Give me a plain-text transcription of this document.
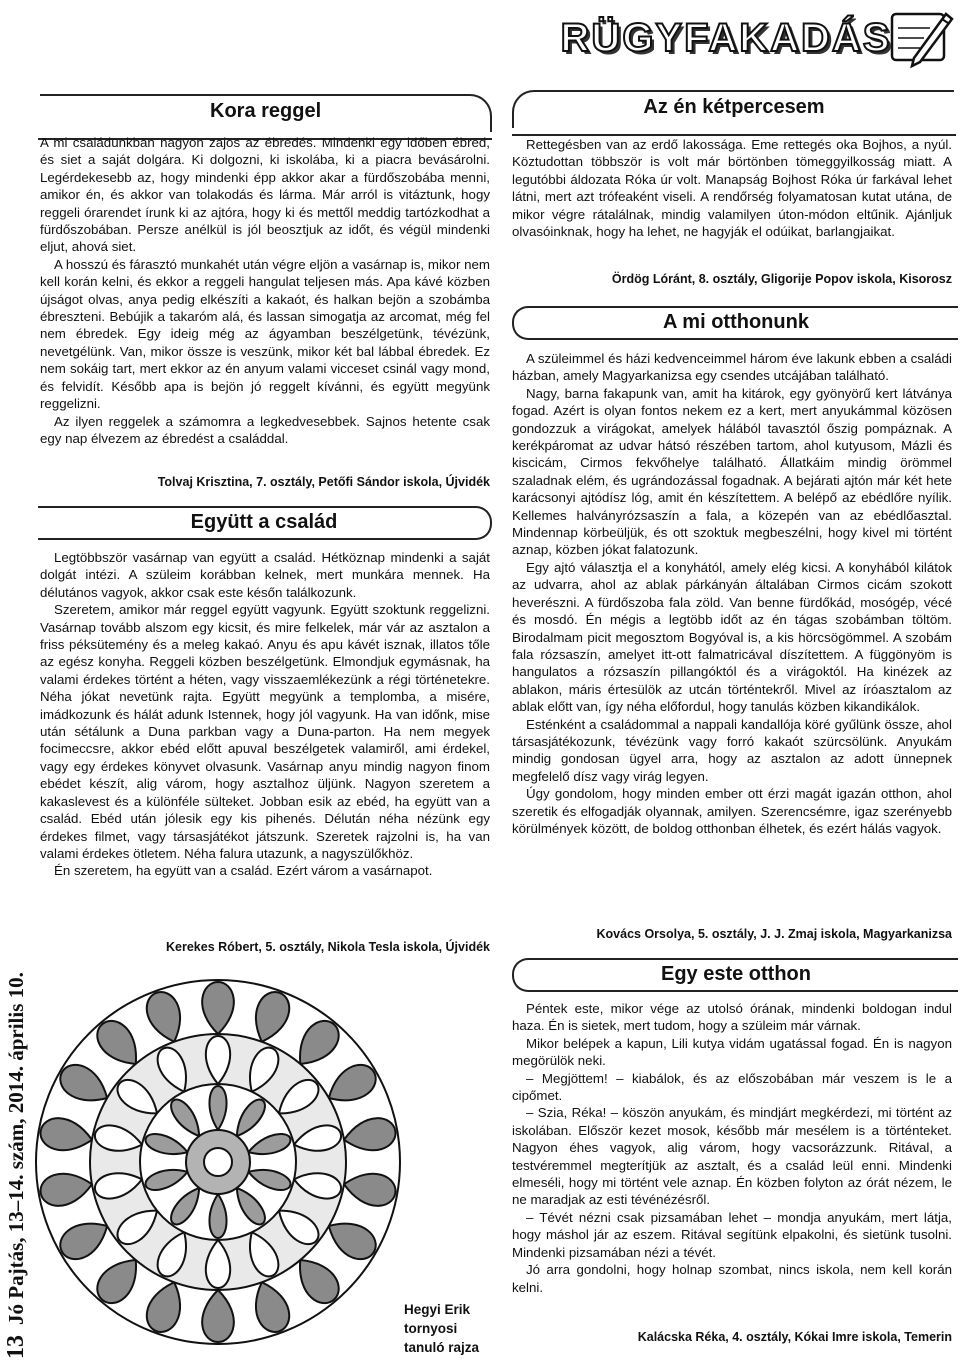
13
Jó Pajtás, 13–14. szám, 2014. április 10.
RÜGYFAKADÁS
Kora reggel

A mi családunkban nagyon zajos az ébredés. Mindenki egy időben ébred, és siet a saját dolgára. Ki dolgozni, ki iskolába, ki a piacra bevásárolni. Legérdekesebb az, hogy mindenki épp akkor akar a fürdőszobába menni, amikor én, és akkor van tolakodás és lárma. Már arról is vitáztunk, hogy reggeli órarendet írunk ki az ajtóra, hogy ki és mettől meddig tartózkodhat a fürdőszobában. Persze anélkül is jól beosztjuk az időt, és végül mindenki eljut, ahová siet.

A hosszú és fárasztó munkahét után végre eljön a vasárnap is, mikor nem kell korán kelni, és ekkor a reggeli hangulat teljesen más. Apa kávé közben újságot olvas, anya pedig elkészíti a kakaót, és halkan bejön a szobámba ébreszteni. Bebújik a takaróm alá, és lassan simogatja az arcomat, még fel nem ébredek. Egy ideig még az ágyamban beszélgetünk, tévézünk, nevetgélünk. Van, mikor össze is veszünk, mikor két bal lábbal ébredek. Ez nem sokáig tart, mert ekkor az én anyum valami vicceset csinál vagy mond, és felvidít. Később apa is bejön jó reggelt kívánni, és együtt megyünk reggelizni.

Az ilyen reggelek a számomra a legkedvesebbek. Sajnos hetente csak egy nap élvezem az ébredést a családdal.

Tolvaj Krisztina, 7. osztály, Petőfi Sándor iskola, Újvidék
Együtt a család

Legtöbbször vasárnap van együtt a család. Hétköznap mindenki a saját dolgát intézi. A szüleim korábban kelnek, mert munkára mennek. Ha délutános vagyok, akkor csak este későn találkozunk.

Szeretem, amikor már reggel együtt vagyunk. Együtt szoktunk reggelizni. Vasárnap tovább alszom egy kicsit, és mire felkelek, már vár az asztalon a friss péksütemény és a meleg kakaó. Anyu és apu kávét isznak, illatos tőle az egész konyha. Reggeli közben beszélgetünk. Elmondjuk egymásnak, ha valami érdekes történt a héten, vagy visszaemlékezünk a régi történetekre. Néha jókat nevetünk rajta. Együtt megyünk a templomba, a misére, imádkozunk és hálát adunk Istennek, hogy jól vagyunk. Ha van időnk, mise után sétálunk a Duna parkban vagy a Duna-parton. Ha nem megyek focimeccsre, akkor ebéd előtt apuval beszélgetek valamiről, ami érdekel, vagy egy érdekes könyvet olvasunk. Vasárnap anyu mindig nagyon finom ebédet készít, alig várom, hogy asztalhoz üljünk. Nagyon szeretem a kakaslevest és a különféle sülteket. Jobban esik az ebéd, ha együtt van a család. Ebéd után jólesik egy kis pihenés. Délután néha nézünk egy érdekes filmet, vagy társasjátékot játszunk. Szeretek rajzolni is, ha van valami érdekes ötletem. Néha falura utazunk, a nagyszülőkhöz.

Én szeretem, ha együtt van a család. Ezért várom a vasárnapot.

Kerekes Róbert, 5. osztály, Nikola Tesla iskola, Újvidék
Hegyi Erik
tornyosi
tanuló rajza
Az én kétpercesem

Rettegésben van az erdő lakossága. Eme rettegés oka Bojhos, a nyúl. Köztudottan többször is volt már börtönben tömeggyilkosság miatt. A legutóbbi áldozata Róka úr volt. Manapság Bojhost Róka úr farkával lehet látni, mert azt trófeaként viseli. A rendőrség folyamatosan kutat utána, de mikor végre rátalálnak, mindig valamilyen úton-módon eltűnik. Ajánljuk olvasóinknak, hogy ha lehet, ne hagyják el odúikat, barlangjaikat.

Ördög Lóránt, 8. osztály, Gligorije Popov iskola, Kisorosz
A mi otthonunk

A szüleimmel és házi kedvenceimmel három éve lakunk ebben a családi házban, amely Magyarkanizsa egy csendes utcájában található.

Nagy, barna fakapunk van, amit ha kitárok, egy gyönyörű kert látványa fogad. Azért is olyan fontos nekem ez a kert, mert anyukámmal közösen gondozzuk a virágokat, amelyek hálából tavasztól őszig pompáznak. A kerékpáromat az udvar hátsó részében tartom, ahol kutyusom, Mázli és kiscicám, Cirmos fekvőhelye található. Állatkáim mindig örömmel szaladnak elém, és ugrándozással fogadnak. A bejárati ajtón már két hete karácsonyi ajtódísz lóg, amit én készítettem. A belépő az ebédlőre nyílik. Kellemes halványrózsaszín a fala, a közepén van az ebédlőasztal. Mindennap körbeüljük, és ott szoktuk megbeszélni, hogy kivel mi történt aznap, közben jókat falatozunk.

Egy ajtó választja el a konyhától, amely elég kicsi. A konyhából kilátok az udvarra, ahol az ablak párkányán általában Cirmos cicám szokott heverészni. A fürdőszoba fala zöld. Van benne fürdőkád, mosógép, vécé és mosdó. Én mégis a legtöbb időt az én tágas szobámban töltöm. Birodalmam picit megosztom Bogyóval is, a kis hörcsögömmel. A szobám fala rózsaszín, amelyet itt-ott falmatricával díszítettem. A függönyöm is hangulatos a rózsaszín pillangóktól és a virágoktól. Ha kinézek az ablakon, máris értesülök az utcán történtekről. Mivel az íróasztalom az ablak előtt van, így néha előfordul, hogy tanulás közben kikandikálok.

Esténként a családommal a nappali kandallója köré gyűlünk össze, ahol társasjátékozunk, tévézünk vagy forró kakaót szürcsölünk. Anyukám mindig gondosan ügyel arra, hogy az asztalon az adott ünnepnek megfelelő dísz vagy virág legyen.

Úgy gondolom, hogy minden ember ott érzi magát igazán otthon, ahol szeretik és elfogadják olyannak, amilyen. Szerencsémre, igaz szerényebb körülmények között, de boldog otthonban élhetek, és ezért hálás vagyok.

Kovács Orsolya, 5. osztály, J. J. Zmaj iskola, Magyarkanizsa
Egy este otthon

Péntek este, mikor vége az utolsó órának, mindenki boldogan indul haza. Én is sietek, mert tudom, hogy a szüleim már várnak.

Mikor belépek a kapun, Lili kutya vidám ugatással fogad. Én is nagyon megörülök neki.

– Megjöttem! – kiabálok, és az előszobában már veszem is le a cipőmet.

– Szia, Réka! – köszön anyukám, és mindjárt megkérdezi, mi történt az iskolában. Először kezet mosok, később már mesélem is a történteket. Nagyon éhes vagyok, alig várom, hogy vacsorázzunk. Ritával, a testvéremmel megterítjük az asztalt, és a család leül enni. Mindenki elmeséli, hogy mi történt vele aznap. Én közben folyton az órát nézem, le ne maradjak az esti tévénézésről.

– Tévét nézni csak pizsamában lehet – mondja anyukám, mert látja, hogy máshol jár az eszem. Ritával segítünk elpakolni, és sietünk tusolni. Mindenki pizsamában nézi a tévét.

Jó arra gondolni, hogy holnap szombat, nincs iskola, nem kell korán kelni.

Kalácska Réka, 4. osztály, Kókai Imre iskola, Temerin
